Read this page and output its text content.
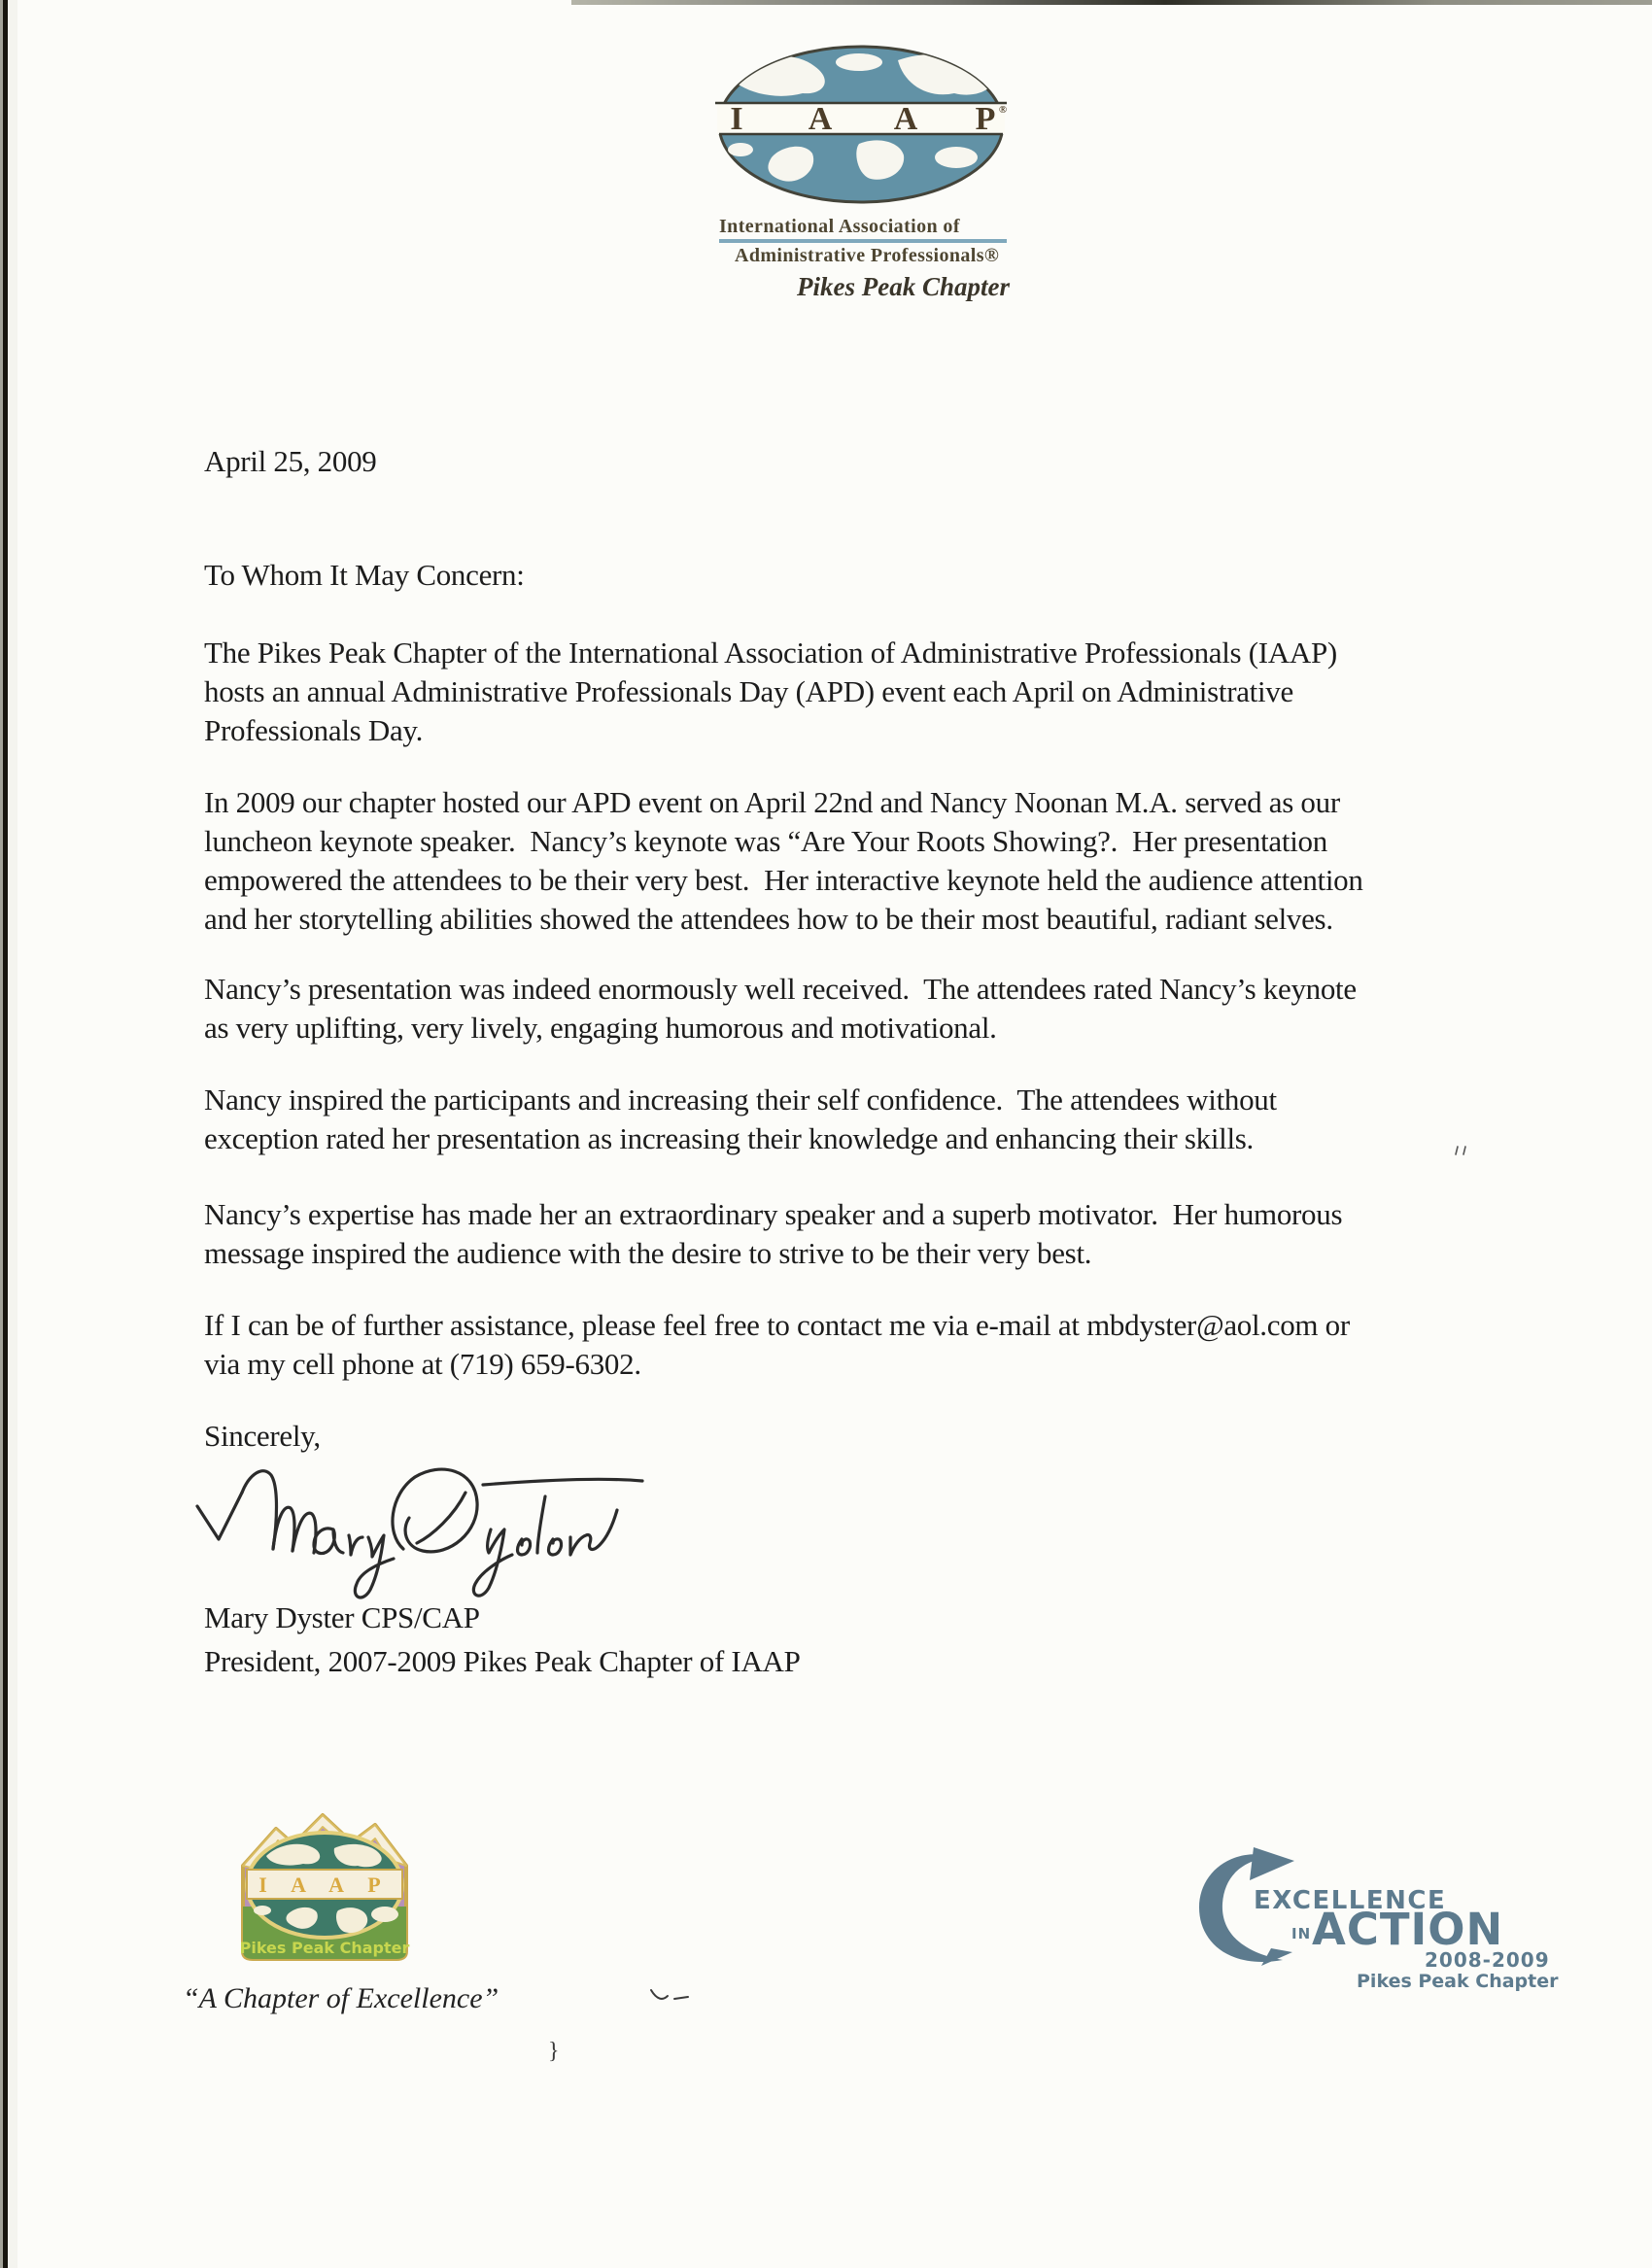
I A A P ®
International Association of
Administrative Professionals®
Pikes Peak Chapter
April 25, 2009
To Whom It May Concern:
The Pikes Peak Chapter of the International Association of Administrative Professionals (IAAP)
hosts an annual Administrative Professionals Day (APD) event each April on Administrative
Professionals Day.
In 2009 our chapter hosted our APD event on April 22nd and Nancy Noonan M.A. served as our
luncheon keynote speaker.  Nancy’s keynote was “Are Your Roots Showing?.  Her presentation
empowered the attendees to be their very best.  Her interactive keynote held the audience attention
and her storytelling abilities showed the attendees how to be their most beautiful, radiant selves.
Nancy’s presentation was indeed enormously well received.  The attendees rated Nancy’s keynote
as very uplifting, very lively, engaging humorous and motivational.
Nancy inspired the participants and increasing their self confidence.  The attendees without
exception rated her presentation as increasing their knowledge and enhancing their skills.
Nancy’s expertise has made her an extraordinary speaker and a superb motivator.  Her humorous
message inspired the audience with the desire to strive to be their very best.
If I can be of further assistance, please feel free to contact me via e-mail at mbdyster@aol.com or
via my cell phone at (719) 659-6302.
Sincerely,
Mary Dyster CPS/CAP
President, 2007-2009 Pikes Peak Chapter of IAAP
I A A P
Pikes Peak Chapter
“A Chapter of Excellence”
EXCELLENCE
IN ACTION
2008-2009
Pikes Peak Chapter
}
